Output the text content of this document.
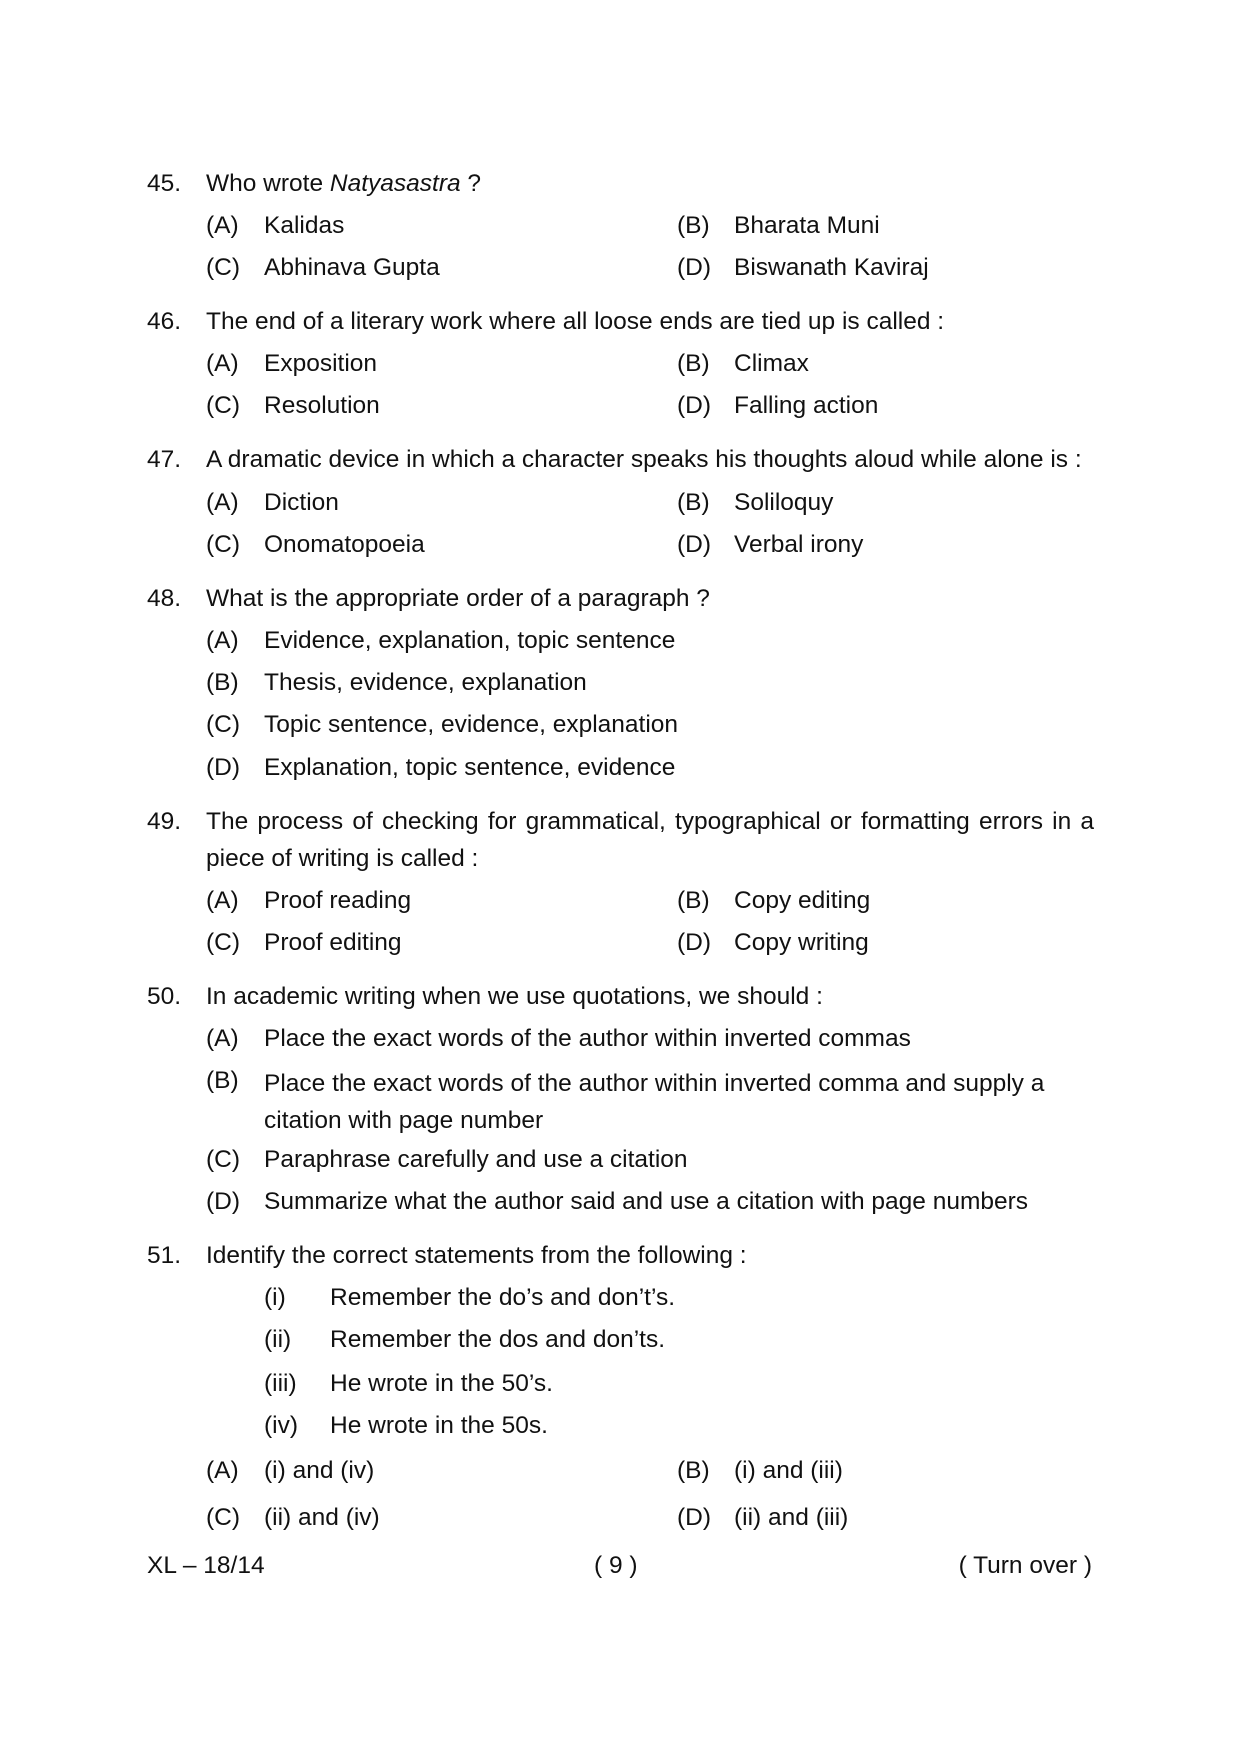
45. Who wrote Natyasastra ?
(A) Kalidas	(B) Bharata Muni
(C) Abhinava Gupta	(D) Biswanath Kaviraj
46. The end of a literary work where all loose ends are tied up is called :
(A) Exposition	(B) Climax
(C) Resolution	(D) Falling action
47. A dramatic device in which a character speaks his thoughts aloud while alone is :
(A) Diction	(B) Soliloquy
(C) Onomatopoeia	(D) Verbal irony
48. What is the appropriate order of a paragraph ?
(A) Evidence, explanation, topic sentence
(B) Thesis, evidence, explanation
(C) Topic sentence, evidence, explanation
(D) Explanation, topic sentence, evidence
49. The process of checking for grammatical, typographical or formatting errors in a
piece of writing is called :
(A) Proof reading	(B) Copy editing
(C) Proof editing	(D) Copy writing
50. In academic writing when we use quotations, we should :
(A) Place the exact words of the author within inverted commas
(B) Place the exact words of the author within inverted comma and supply a citation with page number
(C) Paraphrase carefully and use a citation
(D) Summarize what the author said and use a citation with page numbers
51. Identify the correct statements from the following :
(i) Remember the do’s and don’t’s.
(ii) Remember the dos and don’ts.
(iii) He wrote in the 50’s.
(iv) He wrote in the 50s.
(A) (i) and (iv)	(B) (i) and (iii)
(C) (ii) and (iv)	(D) (ii) and (iii)
XL – 18/14	( 9 )	( Turn over )
